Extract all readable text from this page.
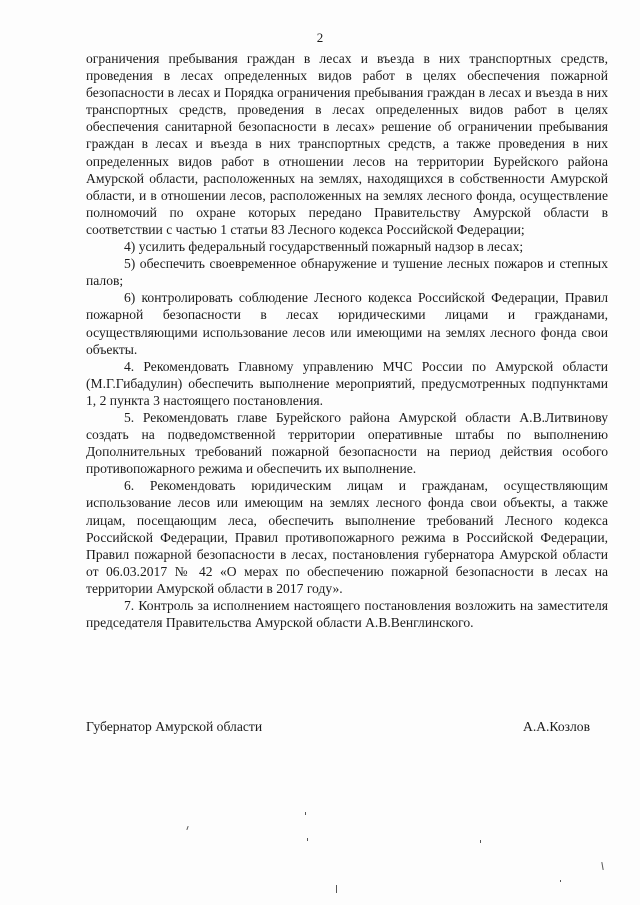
2

ограничения пребывания граждан в лесах и въезда в них транспортных средств, проведения в лесах определенных видов работ в целях обеспечения пожарной безопасности в лесах и Порядка ограничения пребывания граждан в лесах и въезда в них транспортных средств, проведения в лесах определенных видов работ в целях обеспечения санитарной безопасности в лесах» решение об ограничении пребывания граждан в лесах и въезда в них транспортных средств, а также проведения в них определенных видов работ в отношении лесов на территории Бурейского района Амурской области, расположенных на землях, находящихся в собственности Амурской области, и в отношении лесов, расположенных на землях лесного фонда, осуществление полномочий по охране которых передано Правительству Амурской области в соответствии с частью 1 статьи 83 Лесного кодекса Российской Федерации;

4) усилить федеральный государственный пожарный надзор в лесах;

5) обеспечить своевременное обнаружение и тушение лесных пожаров и степных палов;

6) контролировать соблюдение Лесного кодекса Российской Федерации, Правил пожарной безопасности в лесах юридическими лицами и гражданами, осуществляющими использование лесов или имеющими на землях лесного фонда свои объекты.

4. Рекомендовать Главному управлению МЧС России по Амурской области (М.Г.Гибадулин) обеспечить выполнение мероприятий, предусмотренных подпунктами 1, 2 пункта 3 настоящего постановления.

5. Рекомендовать главе Бурейского района Амурской области А.В.Литвинову создать на подведомственной территории оперативные штабы по выполнению Дополнительных требований пожарной безопасности на период действия особого противопожарного режима и обеспечить их выполнение.

6. Рекомендовать юридическим лицам и гражданам, осуществляющим использование лесов или имеющим на землях лесного фонда свои объекты, а также лицам, посещающим леса, обеспечить выполнение требований Лесного кодекса Российской Федерации, Правил противопожарного режима в Российской Федерации, Правил пожарной безопасности в лесах, постановления губернатора Амурской области от 06.03.2017 № 42 «О мерах по обеспечению пожарной безопасности в лесах на территории Амурской области в 2017 году».

7. Контроль за исполнением настоящего постановления возложить на заместителя председателя Правительства Амурской области А.В.Венглинского.

Губернатор Амурской области	А.А.Козлов
